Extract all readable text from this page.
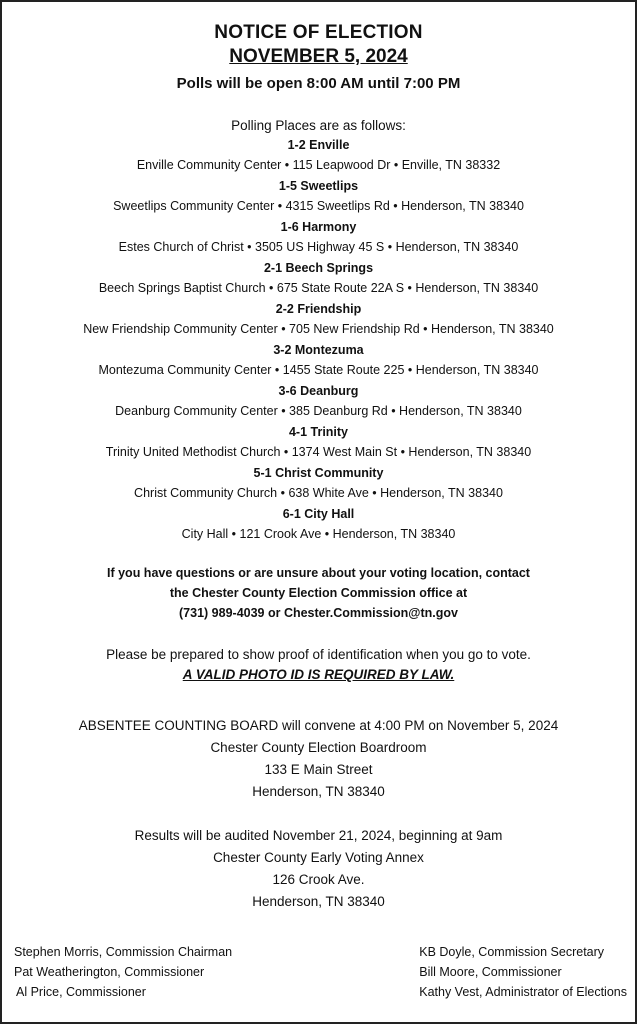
NOTICE OF ELECTION
NOVEMBER 5, 2024
Polls will be open 8:00 AM until 7:00 PM
Polling Places are as follows:
1-2 Enville
Enville Community Center • 115 Leapwood Dr • Enville, TN 38332
1-5 Sweetlips
Sweetlips Community Center • 4315 Sweetlips Rd • Henderson, TN 38340
1-6 Harmony
Estes Church of Christ • 3505 US Highway 45 S • Henderson, TN 38340
2-1 Beech Springs
Beech Springs Baptist Church • 675 State Route 22A S • Henderson, TN 38340
2-2 Friendship
New Friendship Community Center • 705 New Friendship Rd • Henderson, TN 38340
3-2 Montezuma
Montezuma Community Center • 1455 State Route 225 • Henderson, TN 38340
3-6 Deanburg
Deanburg Community Center • 385 Deanburg Rd • Henderson, TN 38340
4-1 Trinity
Trinity United Methodist Church • 1374 West Main St • Henderson, TN 38340
5-1 Christ Community
Christ Community Church • 638 White Ave • Henderson, TN 38340
6-1 City Hall
City Hall • 121 Crook Ave • Henderson, TN 38340
If you have questions or are unsure about your voting location, contact
the Chester County Election Commission office at
(731) 989-4039 or Chester.Commission@tn.gov
Please be prepared to show proof of identification when you go to vote.
A VALID PHOTO ID IS REQUIRED BY LAW.
ABSENTEE COUNTING BOARD will convene at 4:00 PM on November 5, 2024
Chester County Election Boardroom
133 E Main Street
Henderson, TN 38340
Results will be audited November 21, 2024, beginning at 9am
Chester County Early Voting Annex
126 Crook Ave.
Henderson, TN 38340
Stephen Morris, Commission Chairman
Pat Weatherington, Commissioner
Al Price, Commissioner
KB Doyle, Commission Secretary
Bill Moore, Commissioner
Kathy Vest, Administrator of Elections
